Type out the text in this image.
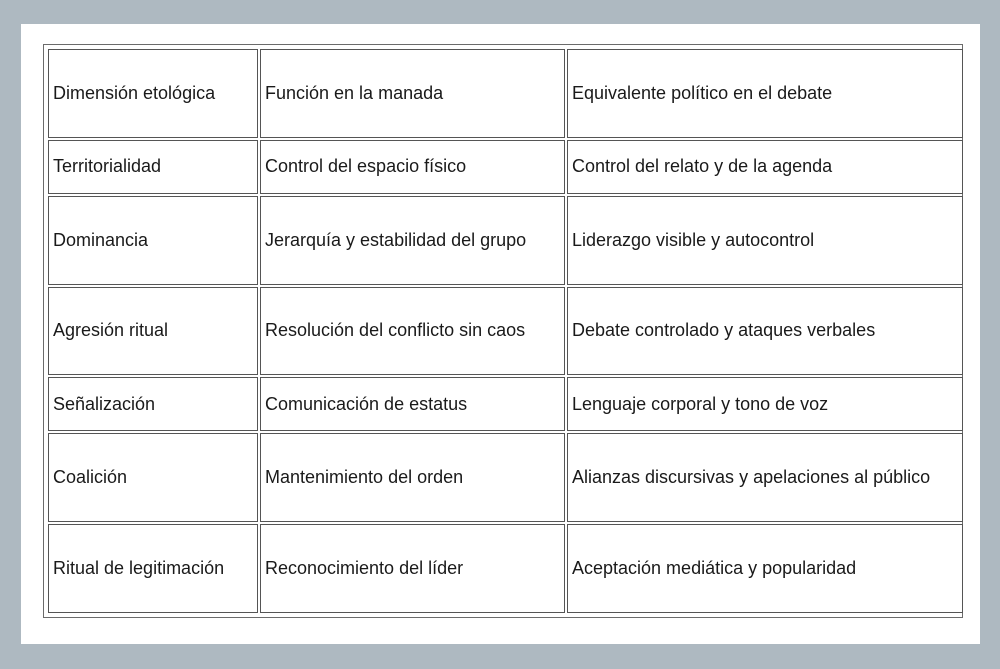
Dimensión etológica	Función en la manada	Equivalente político en el debate
Territorialidad	Control del espacio físico	Control del relato y de la agenda
Dominancia	Jerarquía y estabilidad del grupo	Liderazgo visible y autocontrol
Agresión ritual	Resolución del conflicto sin caos	Debate controlado y ataques verbales
Señalización	Comunicación de estatus	Lenguaje corporal y tono de voz
Coalición	Mantenimiento del orden	Alianzas discursivas y apelaciones al público
Ritual de legitimación	Reconocimiento del líder	Aceptación mediática y popularidad
